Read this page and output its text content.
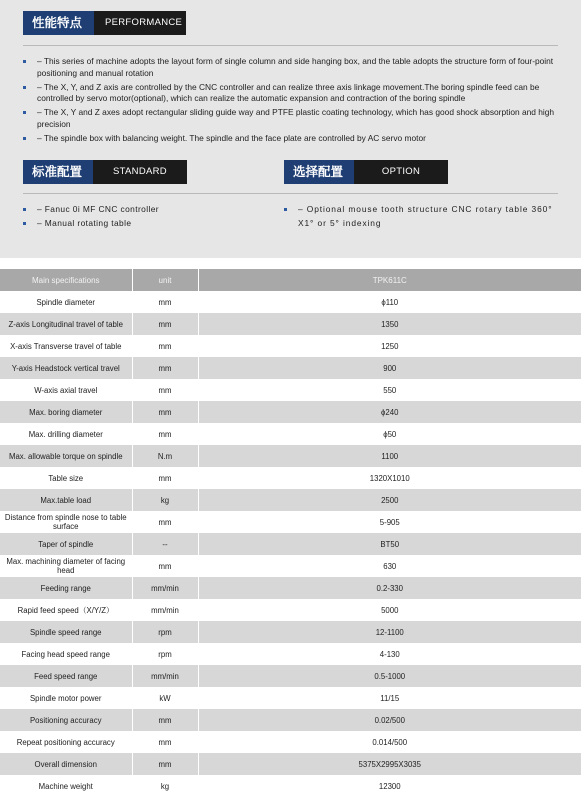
性能特点	PERFORMANCE
– This series of machine adopts the layout form of single column and side hanging box, and the table adopts the structure form of four-point positioning and manual rotation
– The X, Y, and Z axis are controlled by the CNC controller and can realize three axis linkage movement.The boring spindle feed can be controlled by servo motor(optional), which can realize the automatic expansion and contraction of the boring spindle
– The X, Y and Z axes adopt rectangular sliding guide way and PTFE plastic coating technology, which has good shock absorption and high precision
– The spindle box with balancing weight. The spindle and the face plate are controlled by AC servo motor
标准配置	STANDARD	选择配置	OPTION
– Fanuc 0i MF CNC controller
– Manual rotating table
– Optional mouse tooth structure CNC rotary table 360° X1° or 5° indexing
Main specifications	unit	TPK611C
Spindle diameter	mm	ϕ110
Z-axis Longitudinal travel of table	mm	1350
X-axis Transverse travel of table	mm	1250
Y-axis Headstock vertical travel	mm	900
W-axis axial travel	mm	550
Max. boring diameter	mm	ϕ240
Max. drilling diameter	mm	ϕ50
Max. allowable torque on spindle	N.m	1100
Table size	mm	1320X1010
Max.table load	kg	2500
Distance from spindle nose to table surface	mm	5-905
Taper of spindle	--	BT50
Max. machining diameter of facing head	mm	630
Feeding range	mm/min	0.2-330
Rapid feed speed（X/Y/Z）	mm/min	5000
Spindle speed range	rpm	12-1100
Facing head speed range	rpm	4-130
Feed speed range	mm/min	0.5-1000
Spindle motor power	kW	11/15
Positioning accuracy	mm	0.02/500
Repeat positioning accuracy	mm	0.014/500
Overall dimension	mm	5375X2995X3035
Machine weight	kg	12300
